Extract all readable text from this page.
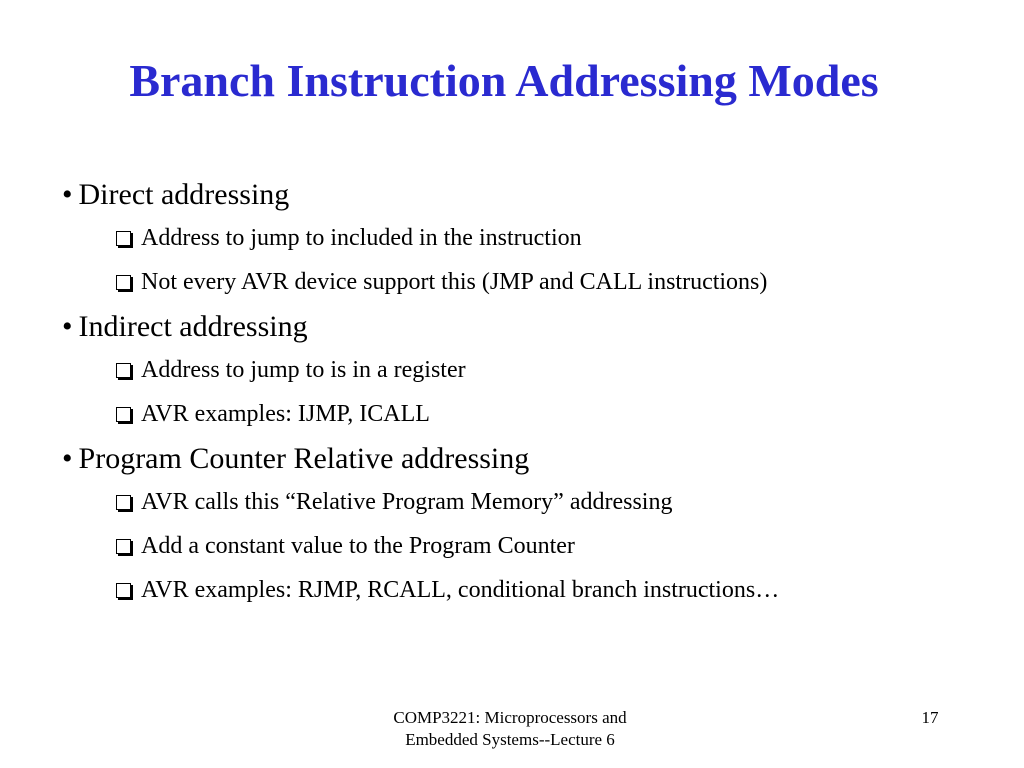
Branch Instruction Addressing Modes
• Direct addressing
Address to jump to included in the instruction
Not every AVR device support this (JMP and CALL instructions)
• Indirect addressing
Address to jump to is in a register
AVR examples: IJMP, ICALL
• Program Counter Relative addressing
AVR calls this “Relative Program Memory” addressing
Add a constant value to the Program Counter
AVR examples: RJMP, RCALL, conditional branch instructions…
COMP3221: Microprocessors and
Embedded Systems--Lecture 6
17
